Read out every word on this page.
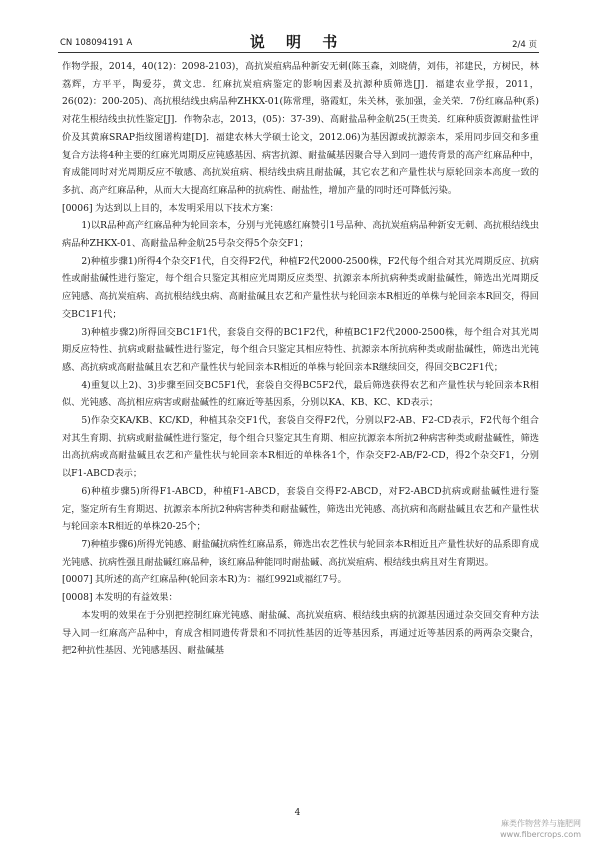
CN 108094191 A	说 明 书	2/4 页

作物学报，2014，40(12)：2098-2103)，高抗炭疽病品种新安无刺(陈玉森，刘晓倩，刘伟，祁建民，方树民，林荔辉，方平平，陶爱芬，黄文忠．红麻抗炭疽病鉴定的影响因素及抗源种质筛选[J]．福建农业学报，2011，26(02)：200-205)、高抗根结线虫病品种ZHKX-01(陈常理，骆霞虹，朱关林，张加强，金关荣．7份红麻品种(系)对花生根结线虫抗性鉴定[J]．作物杂志，2013，(05)：37-39)、高耐盐品种金航25(王贵美．红麻种质资源耐盐性评价及其黄麻SRAP指纹图谱构建[D]．福建农林大学硕士论文，2012.06)为基因源或抗源亲本，采用同步回交和多重复合方法将4种主要的红麻光周期反应钝感基因、病害抗源、耐盐碱基因聚合导入到同一遗传背景的高产红麻品种中，育成能同时对光周期反应不敏感、高抗炭疽病、根结线虫病且耐盐碱，其它农艺和产量性状与原轮回亲本高度一致的多抗、高产红麻品种，从而大大提高红麻品种的抗病性、耐盐性，增加产量的同时还可降低污染。

[0006] 为达到以上目的，本发明采用以下技术方案：

1)以R品种高产红麻品种为轮回亲本，分别与光钝感红麻赞引1号品种、高抗炭疽病品种新安无刺、高抗根结线虫病品种ZHKX-01、高耐盐品种金航25号杂交得5个杂交F1；

2)种植步骤1)所得4个杂交F1代，自交得F2代，种植F2代2000-2500株，F2代每个组合对其光周期反应、抗病性或耐盐碱性进行鉴定，每个组合只鉴定其相应光周期反应类型、抗源亲本所抗病种类或耐盐碱性，筛选出光周期反应钝感、高抗炭疽病、高抗根结线虫病、高耐盐碱且农艺和产量性状与轮回亲本R相近的单株与轮回亲本R回交，得回交BC1F1代；

3)种植步骤2)所得回交BC1F1代，套袋自交得的BC1F2代，种植BC1F2代2000-2500株，每个组合对其光周期反应特性、抗病或耐盐碱性进行鉴定，每个组合只鉴定其相应特性、抗源亲本所抗病种类或耐盐碱性，筛选出光钝感、高抗病或高耐盐碱且农艺和产量性状与轮回亲本R相近的单株与轮回亲本R继续回交，得回交BC2F1代；

4)重复以上2)、3)步骤至回交BC5F1代，套袋自交得BC5F2代，最后筛选获得农艺和产量性状与轮回亲本R相似、光钝感、高抗相应病害或耐盐碱性的红麻近等基因系，分别以KA、KB、KC、KD表示；

5)作杂交KA/KB、KC/KD，种植其杂交F1代，套袋自交得F2代，分别以F2-AB、F2-CD表示，F2代每个组合对其生育期、抗病或耐盐碱性进行鉴定，每个组合只鉴定其生育期、相应抗源亲本所抗2种病害种类或耐盐碱性，筛选出高抗病或高耐盐碱且农艺和产量性状与轮回亲本R相近的单株各1个，作杂交F2-AB/F2-CD，得2个杂交F1，分别以F1-ABCD表示；

6)种植步骤5)所得F1-ABCD，种植F1-ABCD，套袋自交得F2-ABCD，对F2-ABCD抗病或耐盐碱性进行鉴定，鉴定所有生育期迟、抗源亲本所抗2种病害种类和耐盐碱性，筛选出光钝感、高抗病和高耐盐碱且农艺和产量性状与轮回亲本R相近的单株20-25个；

7)种植步骤6)所得光钝感、耐盐碱抗病性红麻品系，筛选出农艺性状与轮回亲本R相近且产量性状好的品系即育成光钝感、抗病性强且耐盐碱红麻品种，该红麻品种能同时耐盐碱、高抗炭疽病、根结线虫病且对生育期迟。

[0007] 其所述的高产红麻品种(轮回亲本R)为：福红992l或福红7号。

[0008] 本发明的有益效果：

本发明的效果在于分别把控制红麻光钝感、耐盐碱、高抗炭疽病、根结线虫病的抗源基因通过杂交回交育种方法导入同一红麻高产品种中，育成含相同遗传背景和不同抗性基因的近等基因系，再通过近等基因系的两两杂交聚合，把2种抗性基因、光钝感基因、耐盐碱基

4
麻类作物营养与施肥网
www.fibercrops.com
